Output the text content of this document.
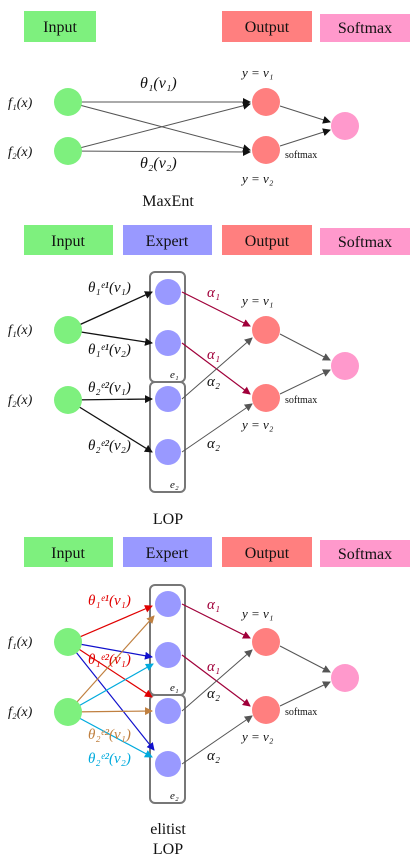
Input	Output	Softmax
f₁(x)
f₂(x)
θ₁(v₁)
θ₂(v₂)
y = v₁
y = v₂
softmax
MaxEnt
Input	Expert	Output	Softmax
f₁(x)
f₂(x)
θ₁ᵉ¹(v₁)
θ₁ᵉ¹(v₂)
θ₂ᵉ²(v₁)
θ₂ᵉ²(v₂)
e₁
e₂
α₁
α₁
α₂
α₂
y = v₁
y = v₂
softmax
LOP
Input	Expert	Output	Softmax
f₁(x)
f₂(x)
θ₁ᵉ¹(v₁)
θ₁ᵉ²(v₁)
θ₂ᵉ²(v₁)
θ₂ᵉ²(v₂)
e₁
e₂
α₁
α₁
α₂
α₂
y = v₁
y = v₂
softmax
elitist
LOP
